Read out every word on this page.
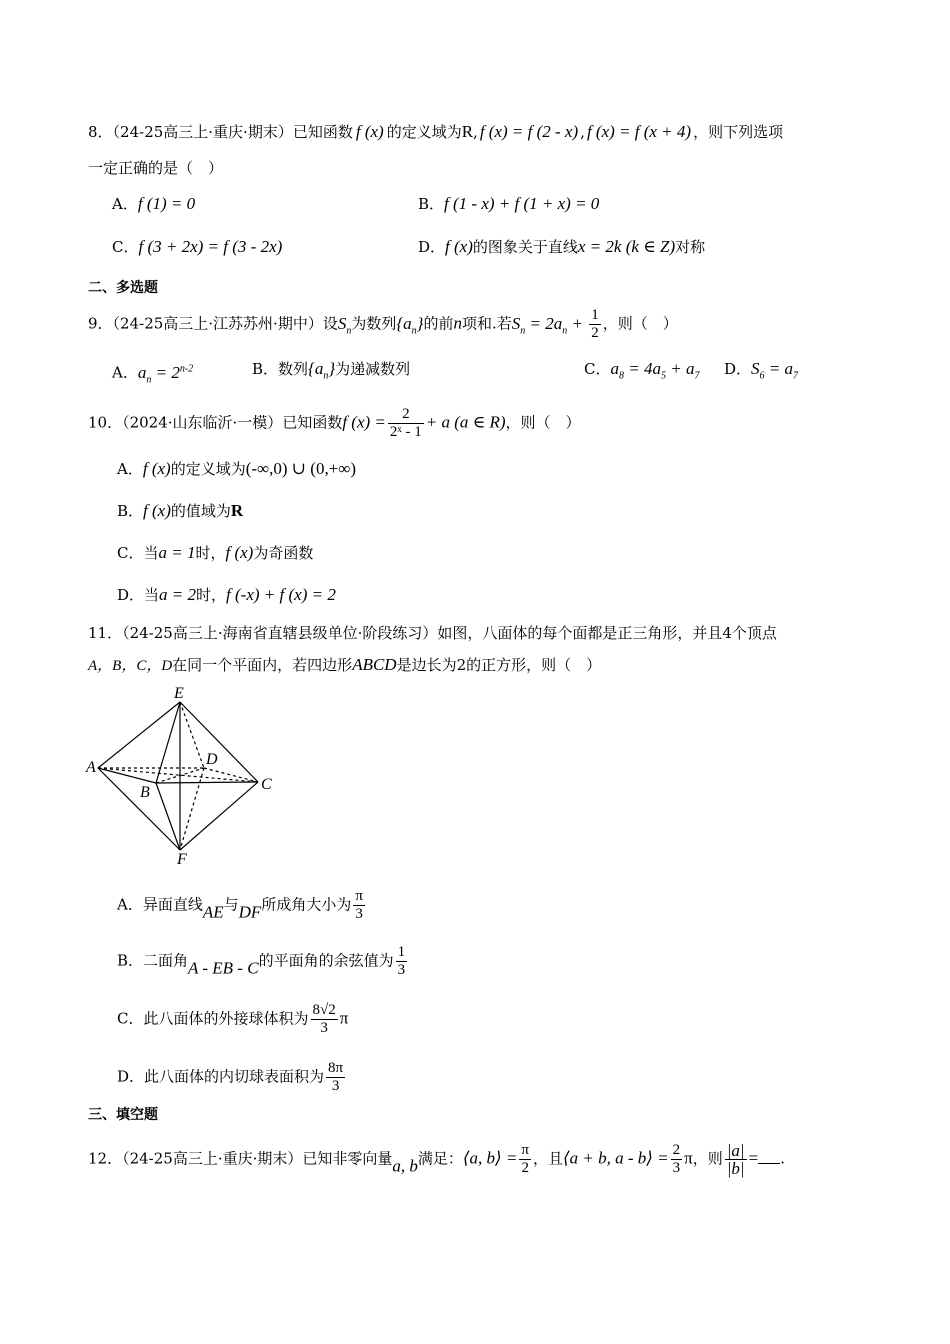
8．（24-25高三上·重庆·期末）已知函数 f (x) 的定义域为R, f (x) = f (2 - x) , f (x) = f (x + 4) ，则下列选项
一定正确的是（　）
A．f (1) = 0	B．f (1 - x) + f (1 + x) = 0
C．f (3 + 2x) = f (3 - 2x)	D．f (x)的图象关于直线x = 2k (k ∈ Z)对称
二、多选题
9．（24-25高三上·江苏苏州·期中）设$S_n$为数列$\{a_n\}$的前n项和.若$S_n = 2a_n + \frac{1}{2}$ ，则（　）
A．$a_n = 2^{n-2}$	B．数列$\{a_n\}$为递减数列	C．$a_8 = 4a_5 + a_7$ D．$S_6 = a_7$
10．（2024·山东临沂·一模）已知函数f $(x) = \frac{2}{\text{2ˣ - 1}} + a$ (a ∈ R)，则（　）
A．f (x)的定义域为(-∞,0) ∪ (0,+∞)
B．f (x)的值域为R
C．当a = 1时，f (x)为奇函数
D．当a = 2时，f (-x) + f (x) = 2
11．（24-25高三上·海南省直辖县级单位·阶段练习）如图，八面体的每个面都是正三角形，并且4个顶点
A，B，C，D在同一个平面内，若四边形ABCD是边长为2的正方形，则（　）
E
A	D
B	C
F
A．异面直线AE与DF所成角大小为 $\frac{\pi}{3}$
B．二面角A - EB - C的平面角的余弦值为 $\frac{1}{3}$
C．此八面体的外接球体积为 $\frac{8√2}{3}$ π
D．此八面体的内切球表面积为 $\frac{8\pi}{3}$
三、填空题
12．（24-25高三上·重庆·期末）已知非零向量a, b满足：⟨a, b⟩ = $\frac{\pi}{2}$ ，且⟨a + b, a - b⟩ = $\frac{2}{3}$ π，则 $\frac{|a|}{|b|}$ = .
